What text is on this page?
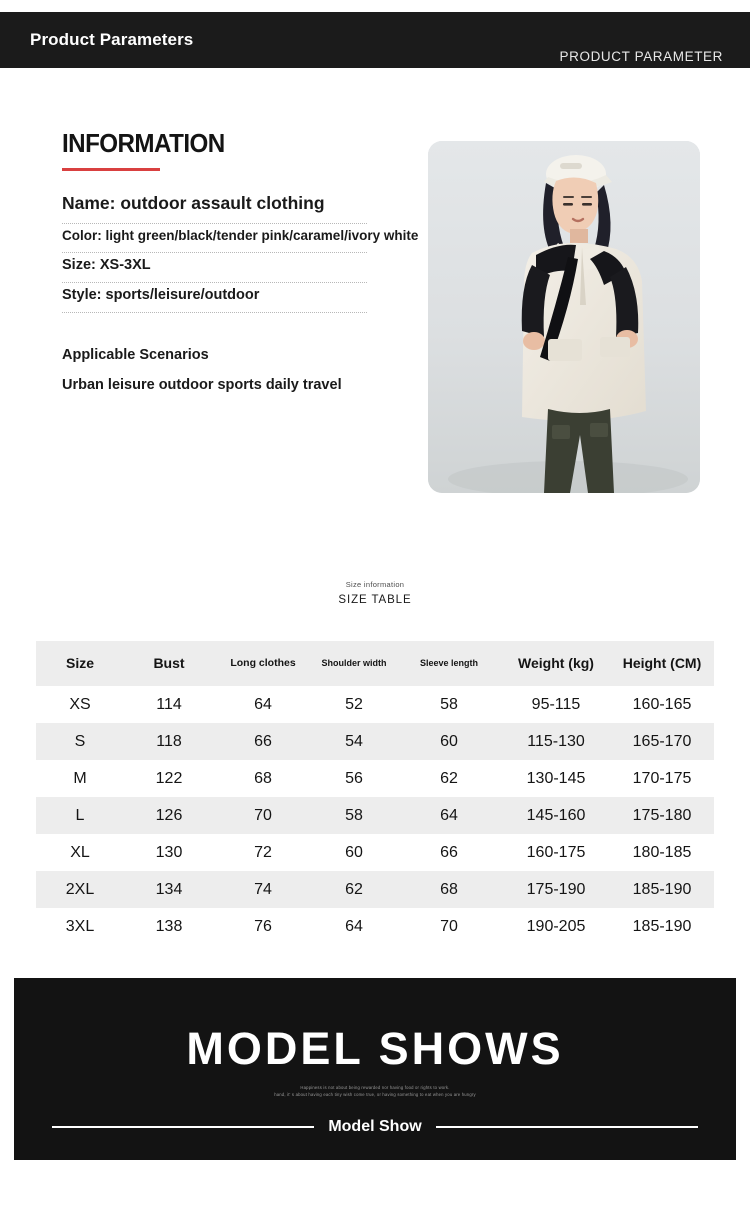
Product Parameters
PRODUCT PARAMETER
INFORMATION
Name: outdoor assault clothing
Color: light green/black/tender pink/caramel/ivory white
Size: XS-3XL
Style: sports/leisure/outdoor
Applicable Scenarios
Urban leisure outdoor sports daily travel
Size information
SIZE TABLE
Size	Bust	Long clothes	Shoulder width	Sleeve length	Weight (kg)	Height (CM)
XS	114	64	52	58	95-115	160-165
S	118	66	54	60	115-130	165-170
M	122	68	56	62	130-145	170-175
L	126	70	58	64	145-160	175-180
XL	130	72	60	66	160-175	180-185
2XL	134	74	62	68	175-190	185-190
3XL	138	76	64	70	190-205	185-190
MODEL SHOWS
Happiness is not about being rewarded nor having food or rights to work.
hand, it' s about having each tiny wish come true, or having something to eat when you are hungry
Model Show
